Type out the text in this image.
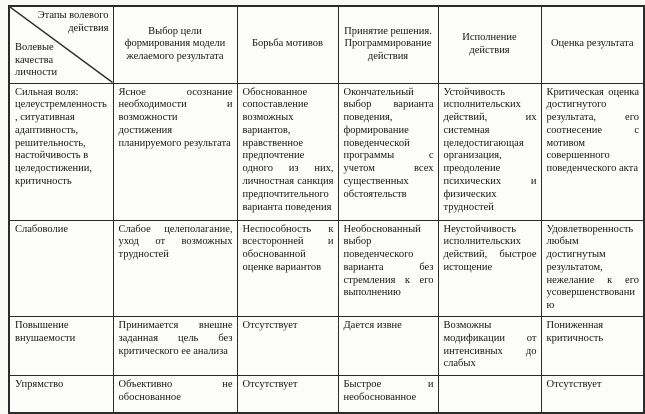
Этапы волевого действия
Волевые качества личности	Выбор цели формирования модели желаемого результата	Борьба мотивов	Принятие решения. Программирование действия	Исполнение действия	Оценка результата
Сильная воля: целеустремленность, ситуативная адаптивность, решительность, настойчивость в целедостижении, критичность	Ясное осознание необходимости и возможности достижения планируемого результата	Обоснованное сопоставление возможных вариантов, нравственное предпочтение одного из них, личностная санкция предпочтительного варианта поведения	Окончательный выбор варианта поведения, формирование поведенческой программы с учетом всех существенных обстоятельств	Устойчивость исполнительских действий, их системная целедостигающая организация, преодоление психических и физических трудностей	Критическая оценка достигнутого результата, его соотнесение с мотивом совершенного поведенческого акта
Слабоволие	Слабое целеполагание, уход от возможных трудностей	Неспособность к всесторонней и обоснованной оценке вариантов	Необоснованный выбор поведенческого варианта без стремления к его выполнению	Неустойчивость исполнительских действий, быстрое истощение	Удовлетворенность любым достигнутым результатом, нежелание к его усовершенствованию
Повышение внушаемости	Принимается внешне заданная цель без критического ее анализа	Отсутствует	Дается извне	Возможны модификации от интенсивных до слабых	Пониженная критичность
Упрямство	Объективно не обоснованное	Отсутствует	Быстрое и необоснованное		Отсутствует
